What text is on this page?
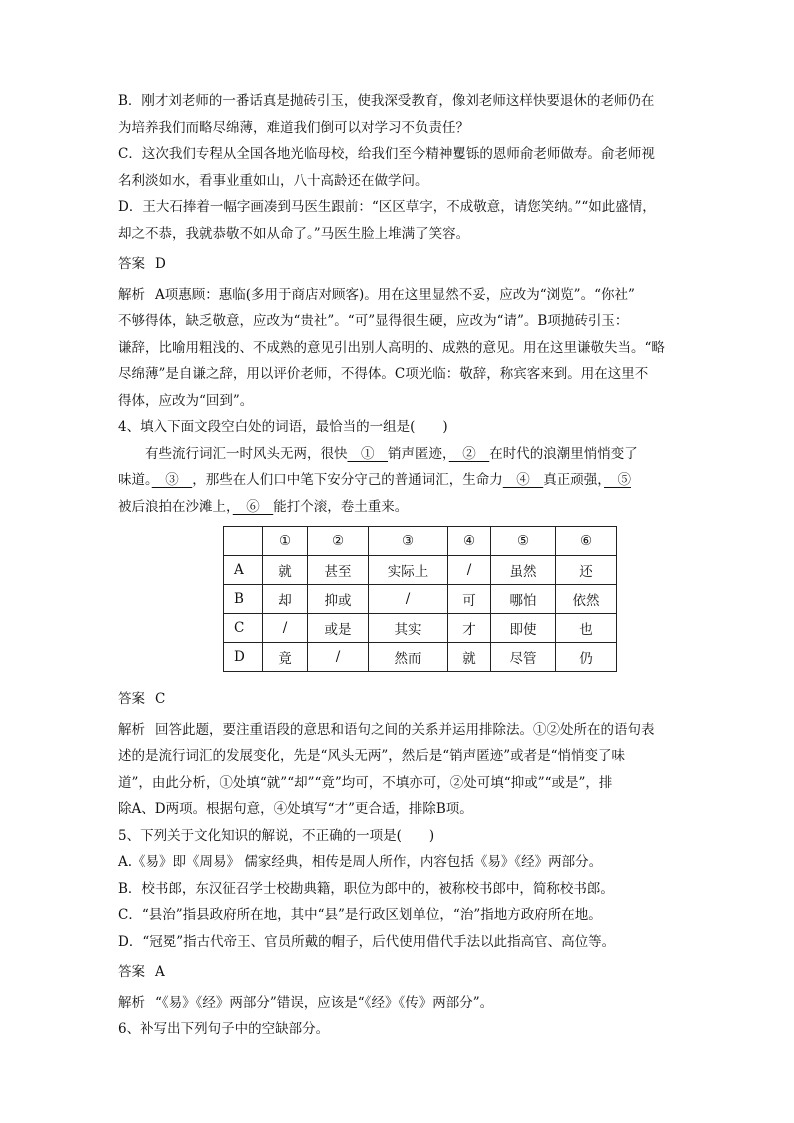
B．刚才刘老师的一番话真是抛砖引玉，使我深受教育，像刘老师这样快要退休的老师仍在

为培养我们而略尽绵薄，难道我们倒可以对学习不负责任？

C．这次我们专程从全国各地光临母校，给我们至今精神矍铄的恩师俞老师做寿。俞老师视

名利淡如水，看事业重如山，八十高龄还在做学问。

D．王大石捧着一幅字画凑到马医生跟前：“区区草字，不成敬意，请您笑纳。”“如此盛情，

却之不恭，我就恭敬不如从命了。”马医生脸上堆满了笑容。

答案 D

解析 A项惠顾：惠临(多用于商店对顾客)。用在这里显然不妥，应改为“浏览”。“你社”

不够得体，缺乏敬意，应改为“贵社”。“可”显得很生硬，应改为“请”。B项抛砖引玉：

谦辞，比喻用粗浅的、不成熟的意见引出别人高明的、成熟的意见。用在这里谦敬失当。“略

尽绵薄”是自谦之辞，用以评价老师，不得体。C项光临：敬辞，称宾客来到。用在这里不

得体，应改为“回到”。

4、填入下面文段空白处的词语，最恰当的一组是(　　)

有些流行词汇一时风头无两，很快　①　销声匿迹，　②　在时代的浪潮里悄悄变了

味道。　③　，那些在人们口中笔下安分守己的普通词汇，生命力　④　真正顽强，　⑤

被后浪拍在沙滩上，　⑥　能打个滚，卷土重来。

	①	②	③	④	⑤	⑥
A	就	甚至	实际上	/	虽然	还
B	却	抑或	/	可	哪怕	依然
C	/	或是	其实	才	即使	也
D	竟	/	然而	就	尽管	仍

答案 C

解析 回答此题，要注重语段的意思和语句之间的关系并运用排除法。①②处所在的语句表

述的是流行词汇的发展变化，先是“风头无两”，然后是“销声匿迹”或者是“悄悄变了味

道”，由此分析，①处填“就”“却”“竟”均可，不填亦可，②处可填“抑或”“或是”，排

除A、D两项。根据句意，④处填写“才”更合适，排除B项。

5、下列关于文化知识的解说，不正确的一项是(　　)

A.《易》即《周易》 儒家经典，相传是周人所作，内容包括《易》《经》两部分。

B．校书郎，东汉征召学士校勘典籍，职位为郎中的，被称校书郎中，简称校书郎。

C．“县治”指县政府所在地，其中“县”是行政区划单位，“治”指地方政府所在地。

D．“冠冕”指古代帝王、官员所戴的帽子，后代使用借代手法以此指高官、高位等。

答案 A

解析 “《易》《经》两部分”错误，应该是“《经》《传》两部分”。

6、补写出下列句子中的空缺部分。
